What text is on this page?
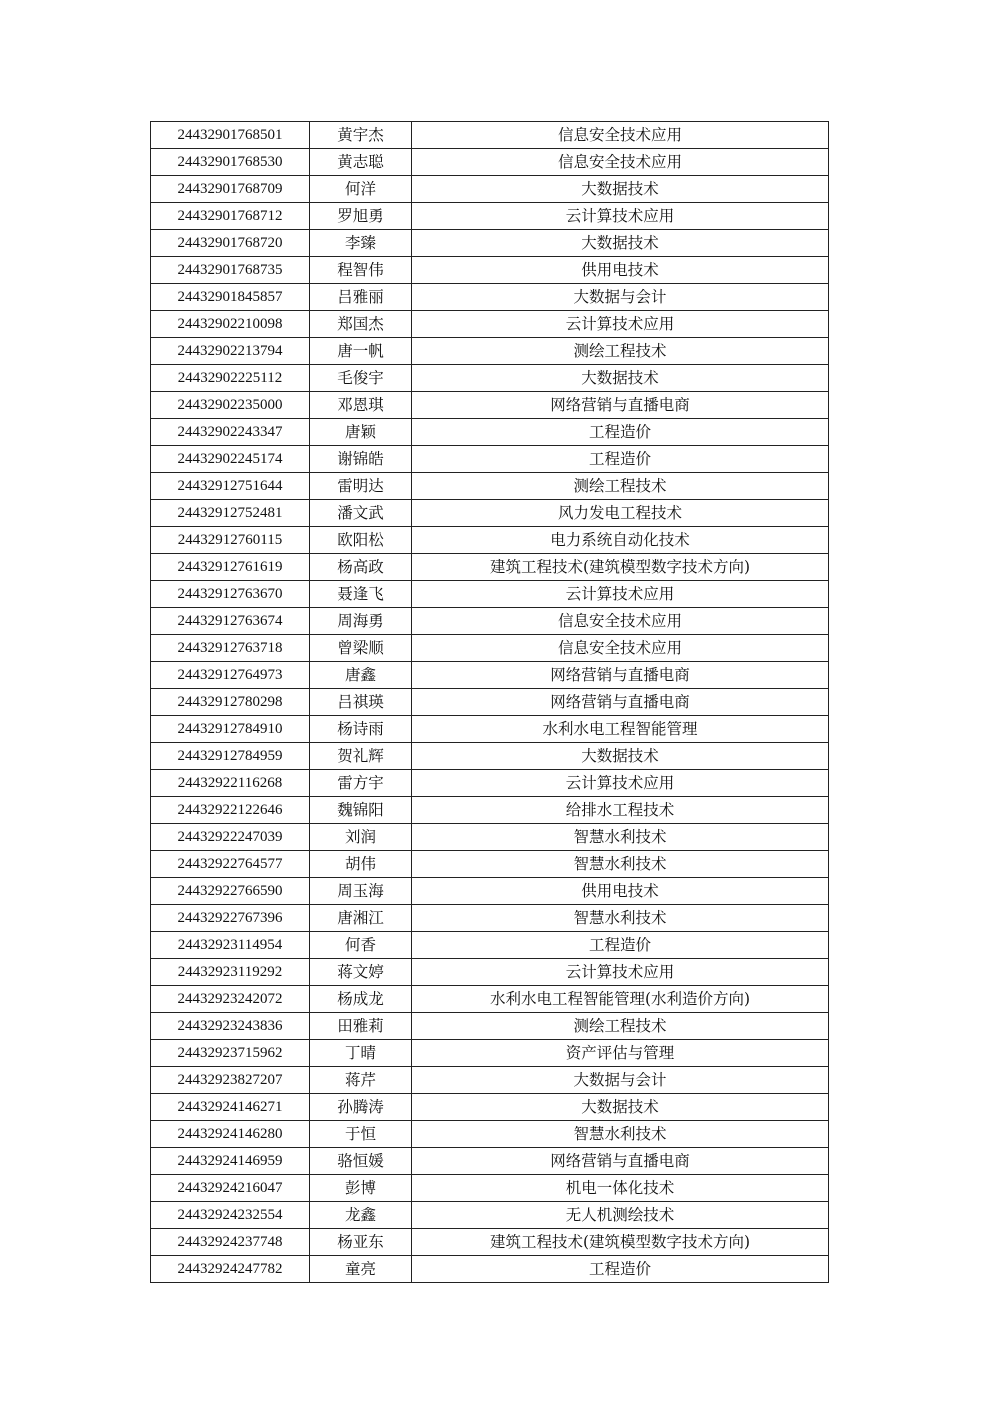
24432901768501	黄宇杰	信息安全技术应用
24432901768530	黄志聪	信息安全技术应用
24432901768709	何洋	大数据技术
24432901768712	罗旭勇	云计算技术应用
24432901768720	李臻	大数据技术
24432901768735	程智伟	供用电技术
24432901845857	吕雅丽	大数据与会计
24432902210098	郑国杰	云计算技术应用
24432902213794	唐一帆	测绘工程技术
24432902225112	毛俊宇	大数据技术
24432902235000	邓恩琪	网络营销与直播电商
24432902243347	唐颖	工程造价
24432902245174	谢锦皓	工程造价
24432912751644	雷明达	测绘工程技术
24432912752481	潘文武	风力发电工程技术
24432912760115	欧阳松	电力系统自动化技术
24432912761619	杨高政	建筑工程技术(建筑模型数字技术方向)
24432912763670	聂逢飞	云计算技术应用
24432912763674	周海勇	信息安全技术应用
24432912763718	曾梁顺	信息安全技术应用
24432912764973	唐鑫	网络营销与直播电商
24432912780298	吕祺瑛	网络营销与直播电商
24432912784910	杨诗雨	水利水电工程智能管理
24432912784959	贺礼辉	大数据技术
24432922116268	雷方宇	云计算技术应用
24432922122646	魏锦阳	给排水工程技术
24432922247039	刘润	智慧水利技术
24432922764577	胡伟	智慧水利技术
24432922766590	周玉海	供用电技术
24432922767396	唐湘江	智慧水利技术
24432923114954	何香	工程造价
24432923119292	蒋文婷	云计算技术应用
24432923242072	杨成龙	水利水电工程智能管理(水利造价方向)
24432923243836	田雅莉	测绘工程技术
24432923715962	丁晴	资产评估与管理
24432923827207	蒋芹	大数据与会计
24432924146271	孙腾涛	大数据技术
24432924146280	于恒	智慧水利技术
24432924146959	骆恒媛	网络营销与直播电商
24432924216047	彭博	机电一体化技术
24432924232554	龙鑫	无人机测绘技术
24432924237748	杨亚东	建筑工程技术(建筑模型数字技术方向)
24432924247782	童亮	工程造价
